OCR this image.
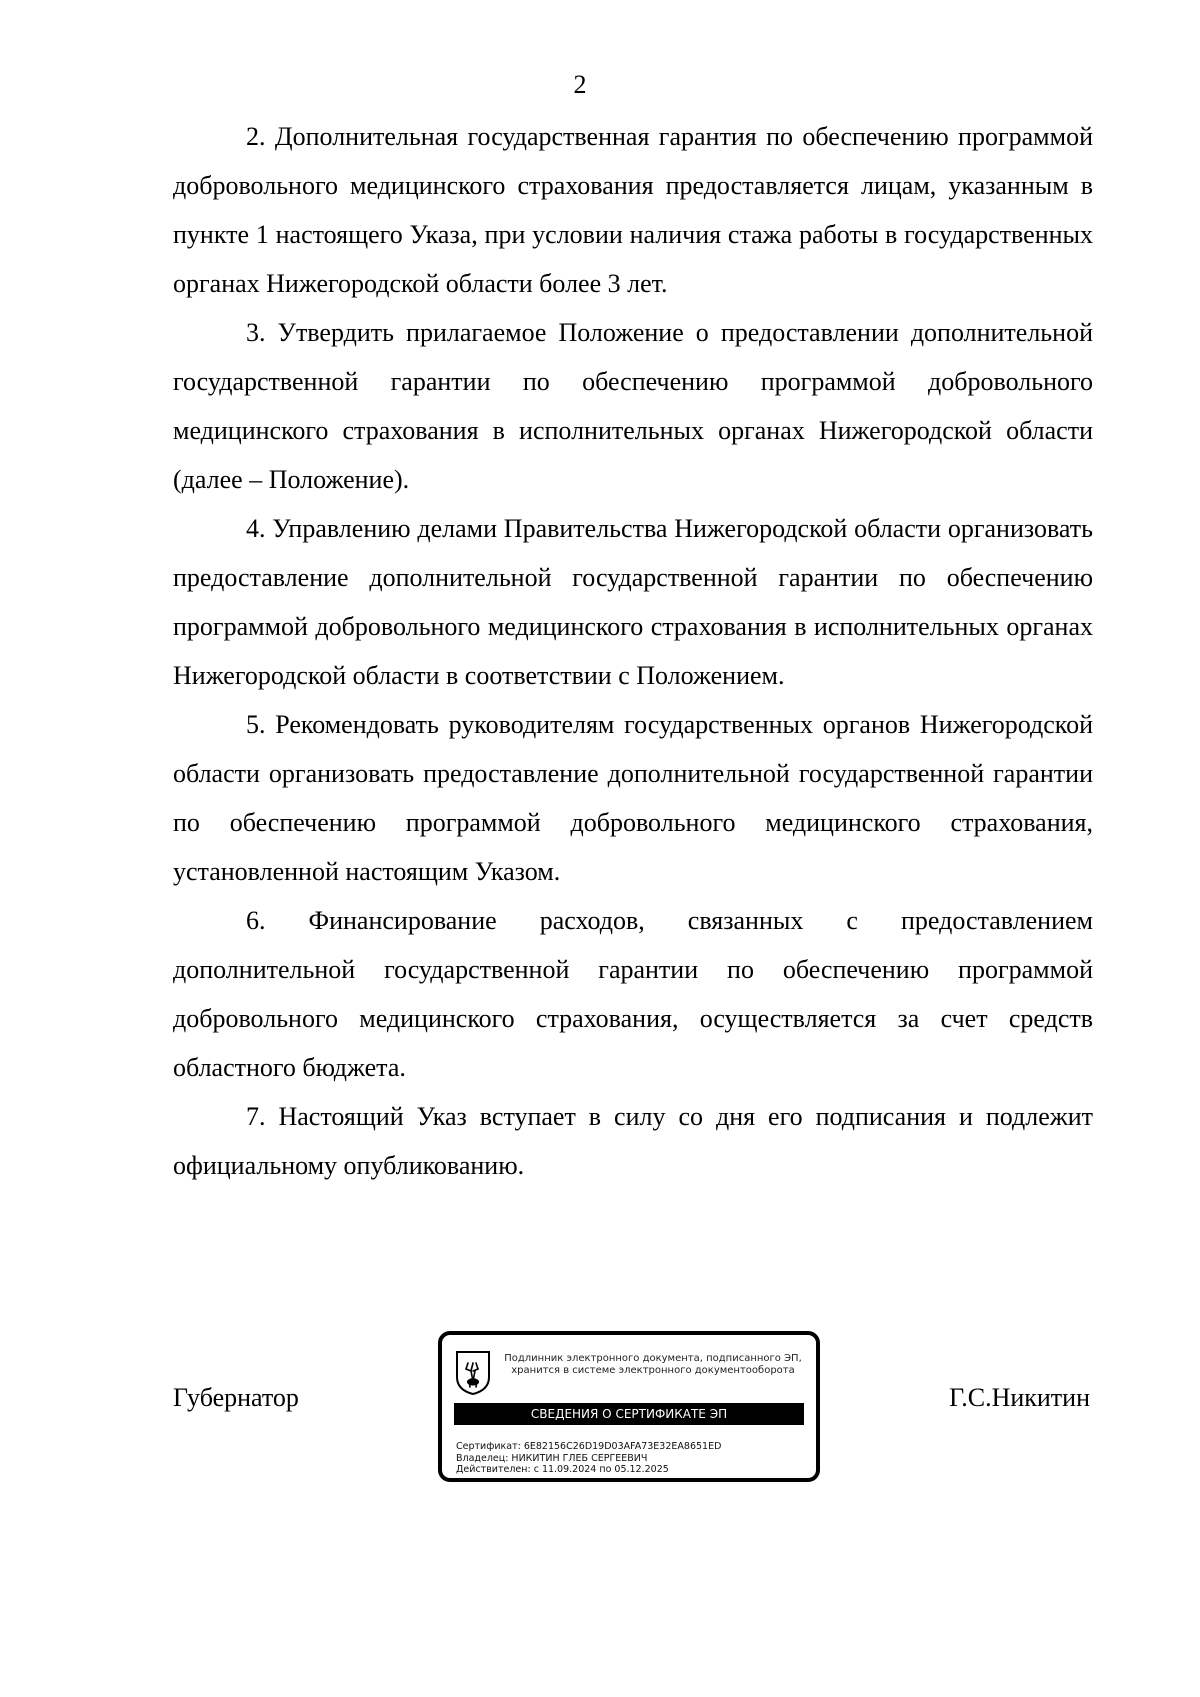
2

2. Дополнительная государственная гарантия по обеспечению программой добровольного медицинского страхования предоставляется лицам, указанным в пункте 1 настоящего Указа, при условии наличия стажа работы в государственных органах Нижегородской области более 3 лет.

3. Утвердить прилагаемое Положение о предоставлении дополнительной государственной гарантии по обеспечению программой добровольного медицинского страхования в исполнительных органах Нижегородской области (далее – Положение).

4. Управлению делами Правительства Нижегородской области организовать предоставление дополнительной государственной гарантии по обеспечению программой добровольного медицинского страхования в исполнительных органах Нижегородской области в соответствии с Положением.

5. Рекомендовать руководителям государственных органов Нижегородской области организовать предоставление дополнительной государственной гарантии по обеспечению программой добровольного медицинского страхования, установленной настоящим Указом.

6. Финансирование расходов, связанных с предоставлением дополнительной государственной гарантии по обеспечению программой добровольного медицинского страхования, осуществляется за счет средств областного бюджета.

7. Настоящий Указ вступает в силу со дня его подписания и подлежит официальному опубликованию.

Губернатор
Подлинник электронного документа, подписанного ЭП,
хранится в системе электронного документооборота
СВЕДЕНИЯ О СЕРТИФИКАТЕ ЭП
Сертификат: 6E82156C26D19D03AFA73E32EA8651ED
Владелец: НИКИТИН ГЛЕБ СЕРГЕЕВИЧ
Действителен: с 11.09.2024 по 05.12.2025
Г.С.Никитин
